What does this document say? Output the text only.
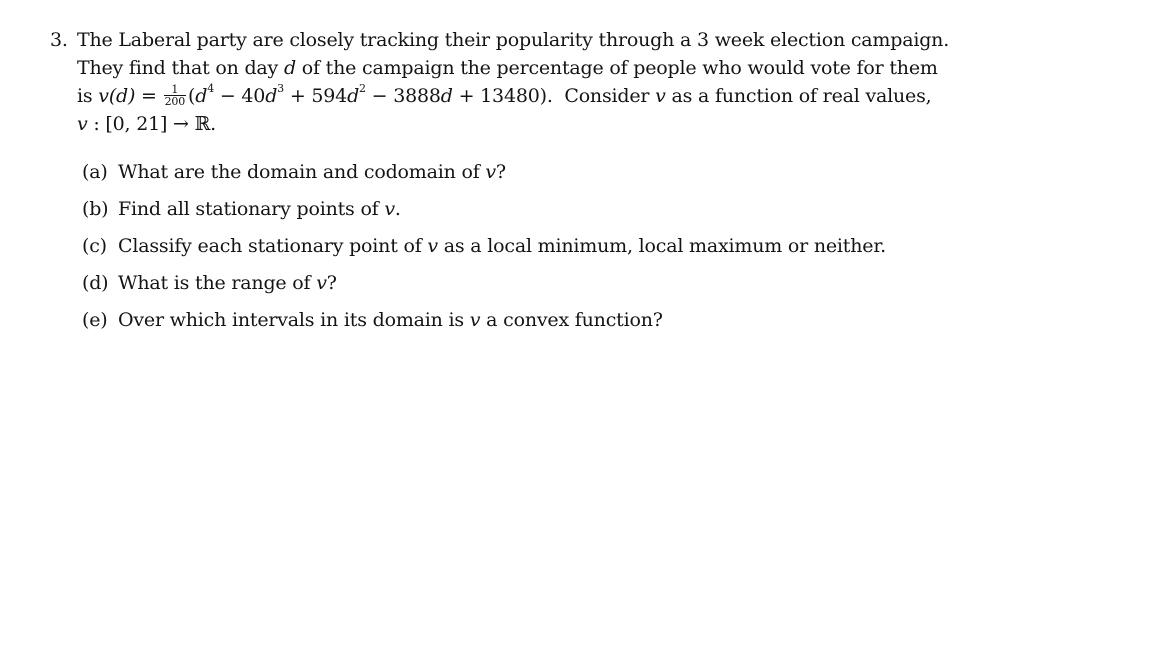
3. The Laberal party are closely tracking their popularity through a 3 week election campaign.
They find that on day d of the campaign the percentage of people who would vote for them
is $v(d) = \frac{1}{200} (d^4 - 40d^3 + 594d^2 - 3888d + 13480)$.  Consider v as a function of real values,
v : [0, 21] → ℝ.
(a) What are the domain and codomain of v?
(b) Find all stationary points of v.
(c) Classify each stationary point of v as a local minimum, local maximum or neither.
(d) What is the range of v?
(e) Over which intervals in its domain is v a convex function?
